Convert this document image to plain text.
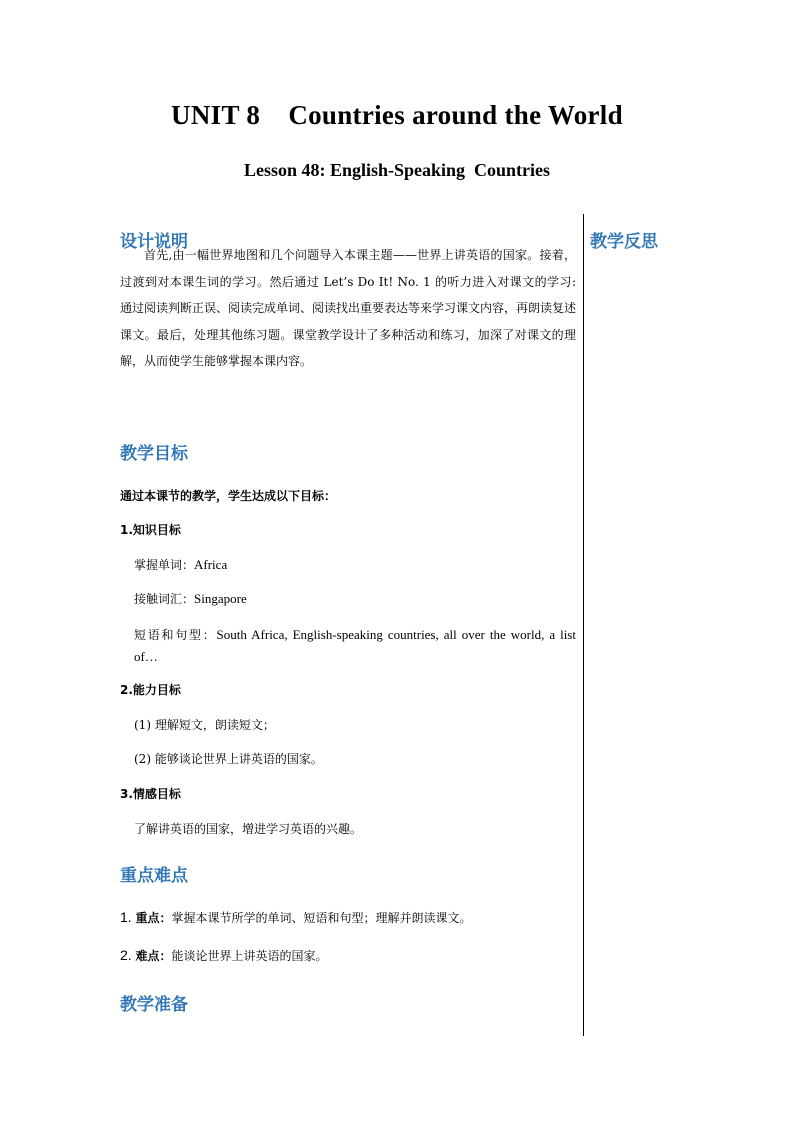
UNIT 8    Countries around the World
Lesson 48: English-Speaking  Countries
教学反思
设计说明
首先,由一幅世界地图和几个问题导入本课主题——世界上讲英语的国家。接着，过渡到对本课生词的学习。然后通过 Let’s Do It! No. 1 的听力进入对课文的学习: 通过阅读判断正误、阅读完成单词、阅读找出重要表达等来学习课文内容，再朗读复述课文。最后，处理其他练习题。课堂教学设计了多种活动和练习，加深了对课文的理解，从而使学生能够掌握本课内容。
教学目标
通过本课节的教学，学生达成以下目标：
1.知识目标
掌握单词：Africa
接触词汇：Singapore
短语和句型：South Africa, English-speaking countries, all over the world, a list of…
2.能力目标
(1) 理解短文，朗读短文；
(2) 能够谈论世界上讲英语的国家。
3.情感目标
了解讲英语的国家，增进学习英语的兴趣。
重点难点
1. 重点：掌握本课节所学的单词、短语和句型；理解并朗读课文。
2. 难点：能谈论世界上讲英语的国家。
教学准备
